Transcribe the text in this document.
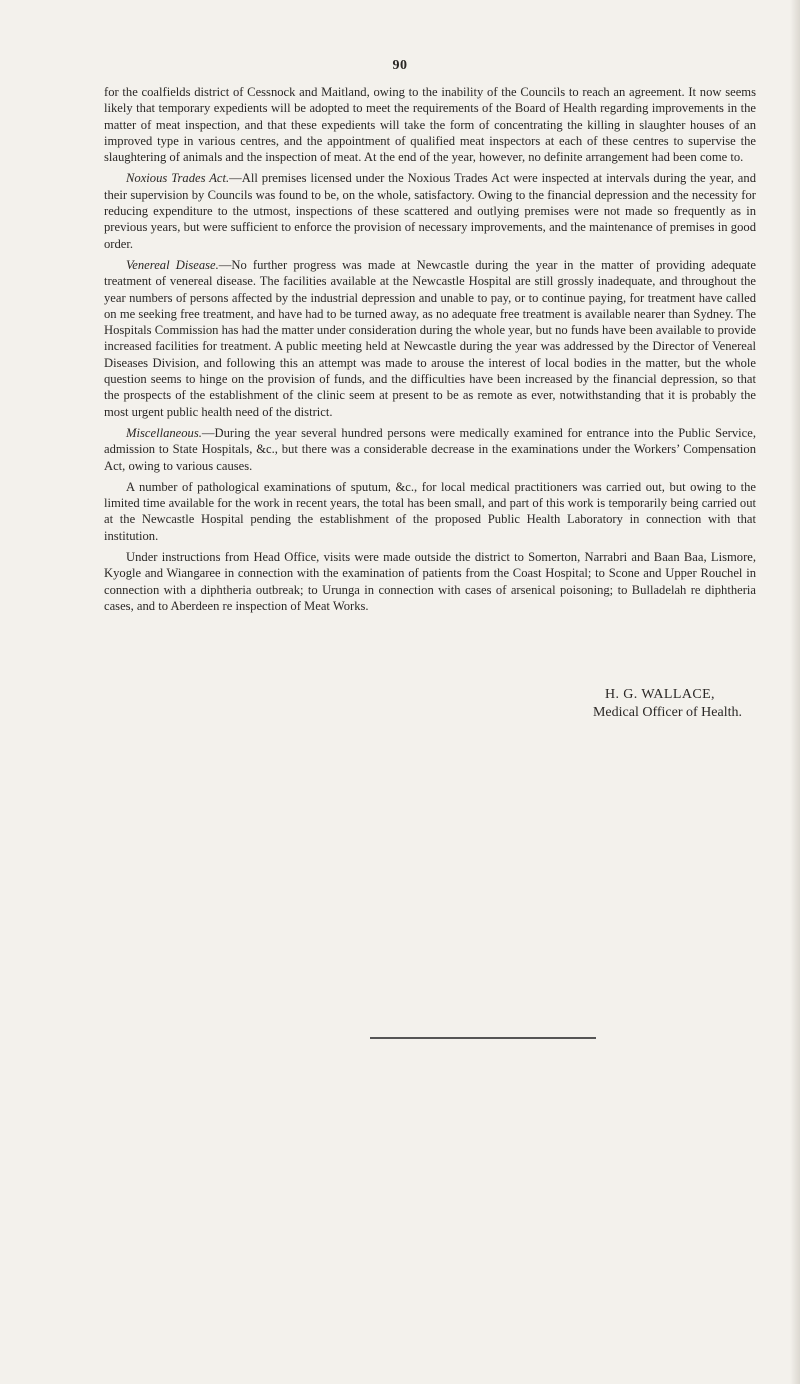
90

for the coalfields district of Cessnock and Maitland, owing to the inability of the Councils to reach an agreement. It now seems likely that temporary expedients will be adopted to meet the requirements of the Board of Health regarding improvements in the matter of meat inspection, and that these expedients will take the form of concentrating the killing in slaughter houses of an improved type in various centres, and the appointment of qualified meat inspectors at each of these centres to supervise the slaughtering of animals and the inspection of meat. At the end of the year, however, no definite arrangement had been come to.

Noxious Trades Act.—All premises licensed under the Noxious Trades Act were inspected at intervals during the year, and their supervision by Councils was found to be, on the whole, satisfactory. Owing to the financial depression and the necessity for reducing expenditure to the utmost, inspections of these scattered and outlying premises were not made so frequently as in previous years, but were sufficient to enforce the provision of necessary improvements, and the maintenance of premises in good order.

Venereal Disease.—No further progress was made at Newcastle during the year in the matter of providing adequate treatment of venereal disease. The facilities available at the Newcastle Hospital are still grossly inadequate, and throughout the year numbers of persons affected by the industrial depression and unable to pay, or to continue paying, for treatment have called on me seeking free treatment, and have had to be turned away, as no adequate free treatment is available nearer than Sydney. The Hospitals Commission has had the matter under consideration during the whole year, but no funds have been available to provide increased facilities for treatment. A public meeting held at Newcastle during the year was addressed by the Director of Venereal Diseases Division, and following this an attempt was made to arouse the interest of local bodies in the matter, but the whole question seems to hinge on the provision of funds, and the difficulties have been increased by the financial depression, so that the prospects of the establishment of the clinic seem at present to be as remote as ever, notwithstanding that it is probably the most urgent public health need of the district.

Miscellaneous.—During the year several hundred persons were medically examined for entrance into the Public Service, admission to State Hospitals, &c., but there was a considerable decrease in the examinations under the Workers’ Compensation Act, owing to various causes.

A number of pathological examinations of sputum, &c., for local medical practitioners was carried out, but owing to the limited time available for the work in recent years, the total has been small, and part of this work is temporarily being carried out at the Newcastle Hospital pending the establishment of the proposed Public Health Laboratory in connection with that institution.

Under instructions from Head Office, visits were made outside the district to Somerton, Narrabri and Baan Baa, Lismore, Kyogle and Wiangaree in connection with the examination of patients from the Coast Hospital; to Scone and Upper Rouchel in connection with a diphtheria outbreak; to Urunga in connection with cases of arsenical poisoning; to Bulladelah re diphtheria cases, and to Aberdeen re inspection of Meat Works.

H. G. WALLACE,
Medical Officer of Health.
